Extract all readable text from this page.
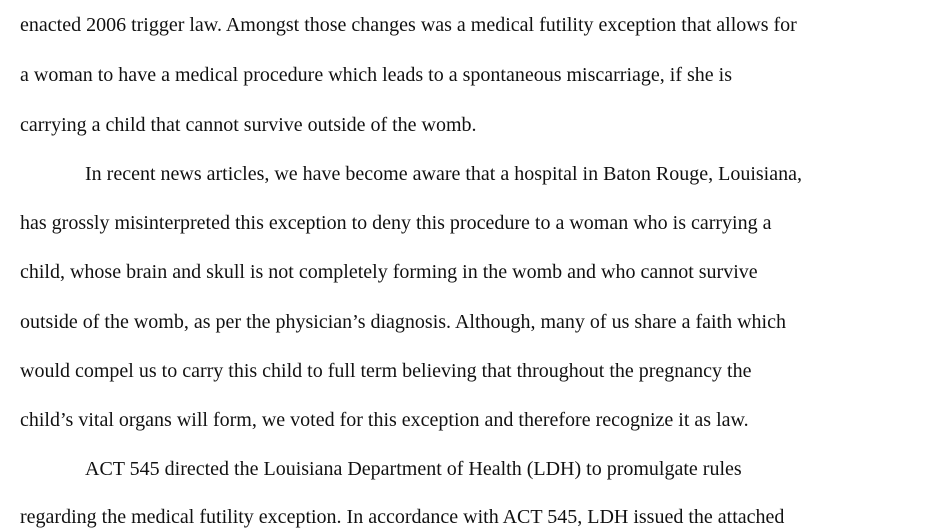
enacted 2006 trigger law. Amongst those changes was a medical futility exception that allows for
a woman to have a medical procedure which leads to a spontaneous miscarriage, if she is
carrying a child that cannot survive outside of the womb.
In recent news articles, we have become aware that a hospital in Baton Rouge, Louisiana,
has grossly misinterpreted this exception to deny this procedure to a woman who is carrying a
child, whose brain and skull is not completely forming in the womb and who cannot survive
outside of the womb, as per the physician’s diagnosis. Although, many of us share a faith which
would compel us to carry this child to full term believing that throughout the pregnancy the
child’s vital organs will form, we voted for this exception and therefore recognize it as law.
ACT 545 directed the Louisiana Department of Health (LDH) to promulgate rules
regarding the medical futility exception. In accordance with ACT 545, LDH issued the attached
